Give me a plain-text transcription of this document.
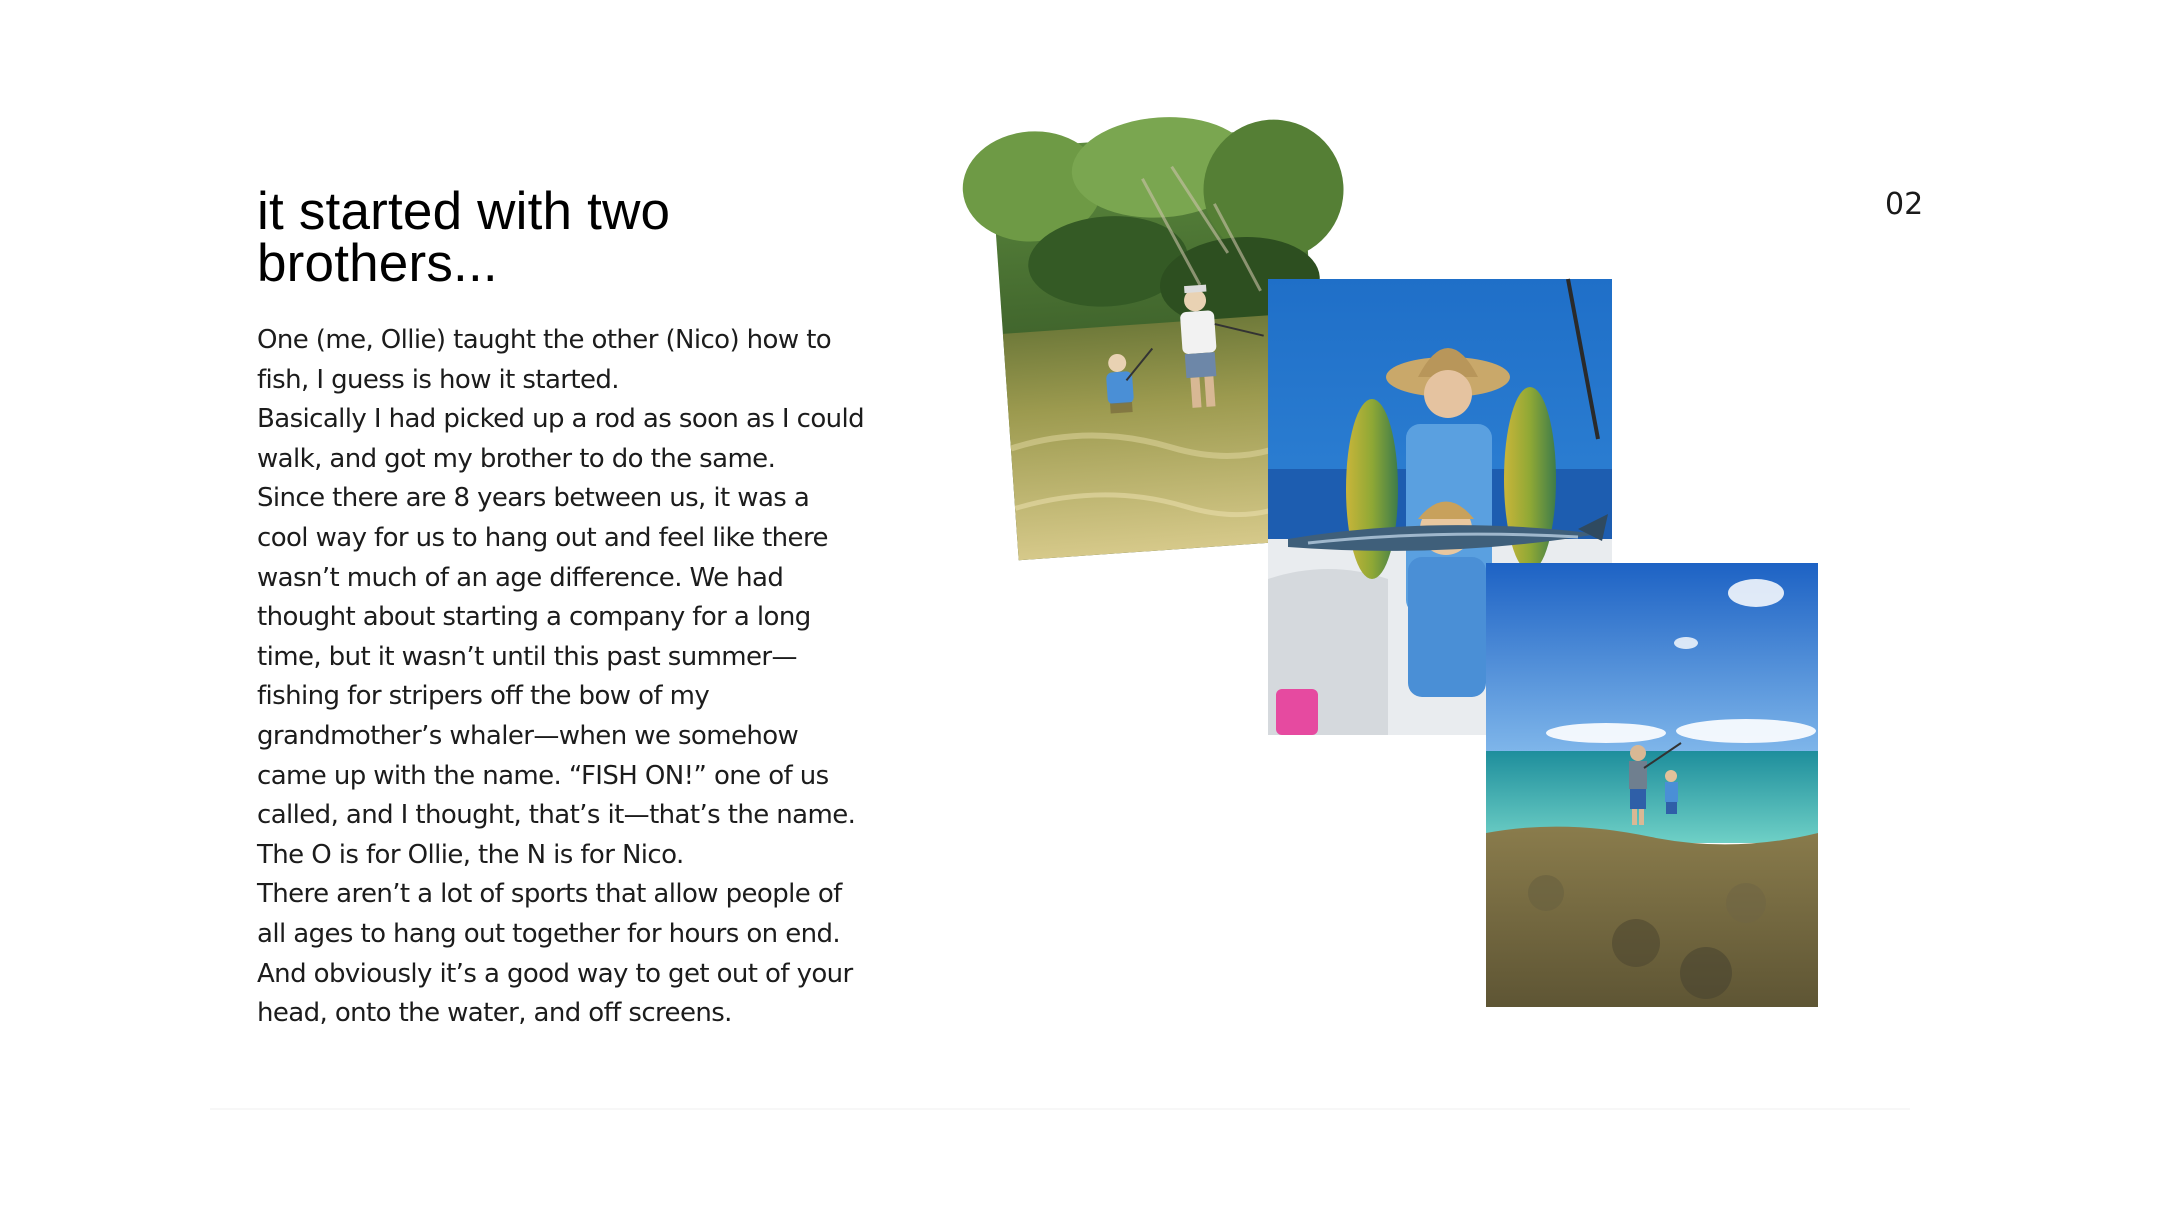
it started with two brothers...

One (me, Ollie) taught the other (Nico) how to fish, I guess is how it started.

Basically I had picked up a rod as soon as I could walk, and got my brother to do the same.

Since there are 8 years between us, it was a cool way for us to hang out and feel like there wasn’t much of an age difference. We had thought about starting a company for a long time, but it wasn’t until this past summer—fishing for stripers off the bow of my grandmother’s whaler—when we somehow came up with the name. “FISH ON!” one of us called, and I thought, that’s it—that’s the name. The O is for Ollie, the N is for Nico.

There aren’t a lot of sports that allow people of all ages to hang out together for hours on end. And obviously it’s a good way to get out of your head, onto the water, and off screens.

02
